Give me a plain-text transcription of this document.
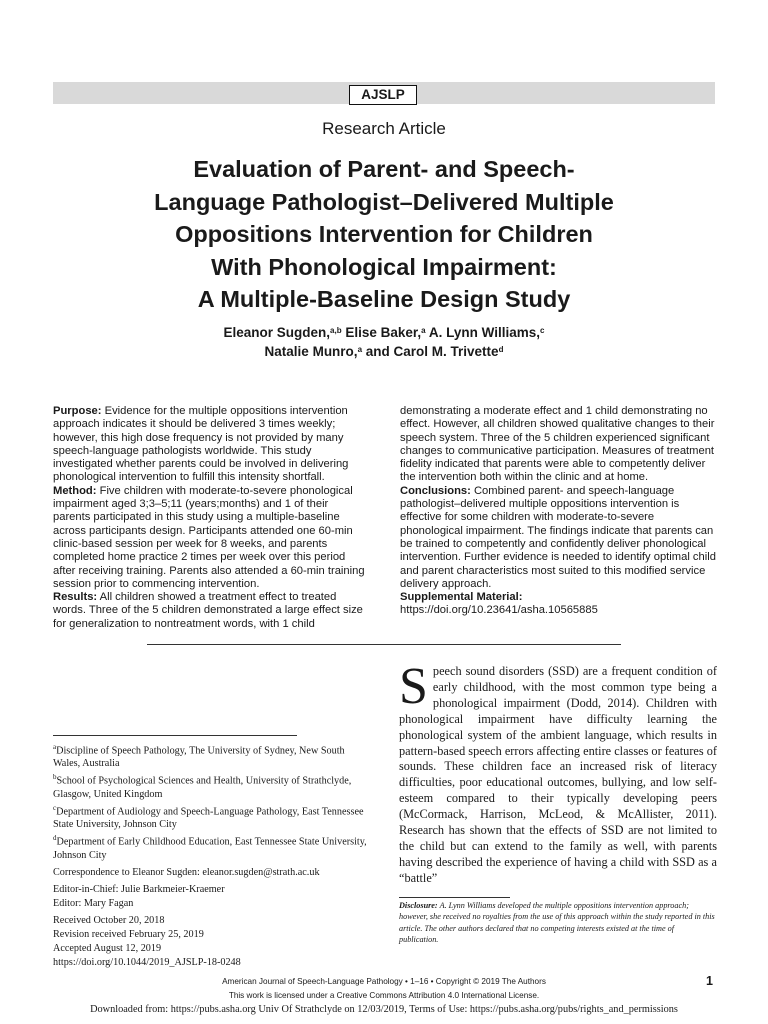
AJSLP
Research Article
Evaluation of Parent- and Speech-
Language Pathologist–Delivered Multiple
Oppositions Intervention for Children
With Phonological Impairment:
A Multiple-Baseline Design Study
Eleanor Sugden,$^{a,b}$ Elise Baker,$^a$ A. Lynn Williams,$^c$
Natalie Munro,$^a$ and Carol M. Trivette$^d$
Purpose: Evidence for the multiple oppositions intervention approach indicates it should be delivered 3 times weekly; however, this high dose frequency is not provided by many speech-language pathologists worldwide. This study investigated whether parents could be involved in delivering phonological intervention to fulfill this intensity shortfall.
Method: Five children with moderate-to-severe phonological impairment aged 3;3–5;11 (years;months) and 1 of their parents participated in this study using a multiple-baseline across participants design. Participants attended one 60-min clinic-based session per week for 8 weeks, and parents completed home practice 2 times per week over this period after receiving training. Parents also attended a 60-min training session prior to commencing intervention.
Results: All children showed a treatment effect to treated words. Three of the 5 children demonstrated a large effect size for generalization to nontreatment words, with 1 child
demonstrating a moderate effect and 1 child demonstrating no effect. However, all children showed qualitative changes to their speech system. Three of the 5 children experienced significant changes to communicative participation. Measures of treatment fidelity indicated that parents were able to competently deliver the intervention both within the clinic and at home.
Conclusions: Combined parent- and speech-language pathologist–delivered multiple oppositions intervention is effective for some children with moderate-to-severe phonological impairment. The findings indicate that parents can be trained to competently and confidently deliver phonological intervention. Further evidence is needed to identify optimal child and parent characteristics most suited to this modified service delivery approach.
Supplemental Material: https://doi.org/10.23641/asha.10565885
Speech sound disorders (SSD) are a frequent condition of early childhood, with the most common type being a phonological impairment (Dodd, 2014). Children with phonological impairment have difficulty learning the phonological system of the ambient language, which results in pattern-based speech errors affecting entire classes or features of sounds. These children face an increased risk of literacy difficulties, poor educational outcomes, bullying, and low self-esteem compared to their typically developing peers (McCormack, Harrison, McLeod, & McAllister, 2011). Research has shown that the effects of SSD are not limited to the child but can extend to the family as well, with parents having described the experience of having a child with SSD as a “battle”

$^a$Discipline of Speech Pathology, The University of Sydney, New South Wales, Australia

$^b$School of Psychological Sciences and Health, University of Strathclyde, Glasgow, United Kingdom

$^c$Department of Audiology and Speech-Language Pathology, East Tennessee State University, Johnson City

$^d$Department of Early Childhood Education, East Tennessee State University, Johnson City

Correspondence to Eleanor Sugden: eleanor.sugden@strath.ac.uk

Editor-in-Chief: Julie Barkmeier-Kraemer

Editor: Mary Fagan

Received October 20, 2018

Revision received February 25, 2019

Accepted August 12, 2019

https://doi.org/10.1044/2019_AJSLP-18-0248

Disclosure: A. Lynn Williams developed the multiple oppositions intervention approach; however, she received no royalties from the use of this approach within the study reported in this article. The other authors declared that no competing interests existed at the time of publication.
American Journal of Speech-Language Pathology • 1–16 • Copyright © 2019 The Authors	1
This work is licensed under a Creative Commons Attribution 4.0 International License.
Downloaded from: https://pubs.asha.org Univ Of Strathclyde on 12/03/2019, Terms of Use: https://pubs.asha.org/pubs/rights_and_permissions
